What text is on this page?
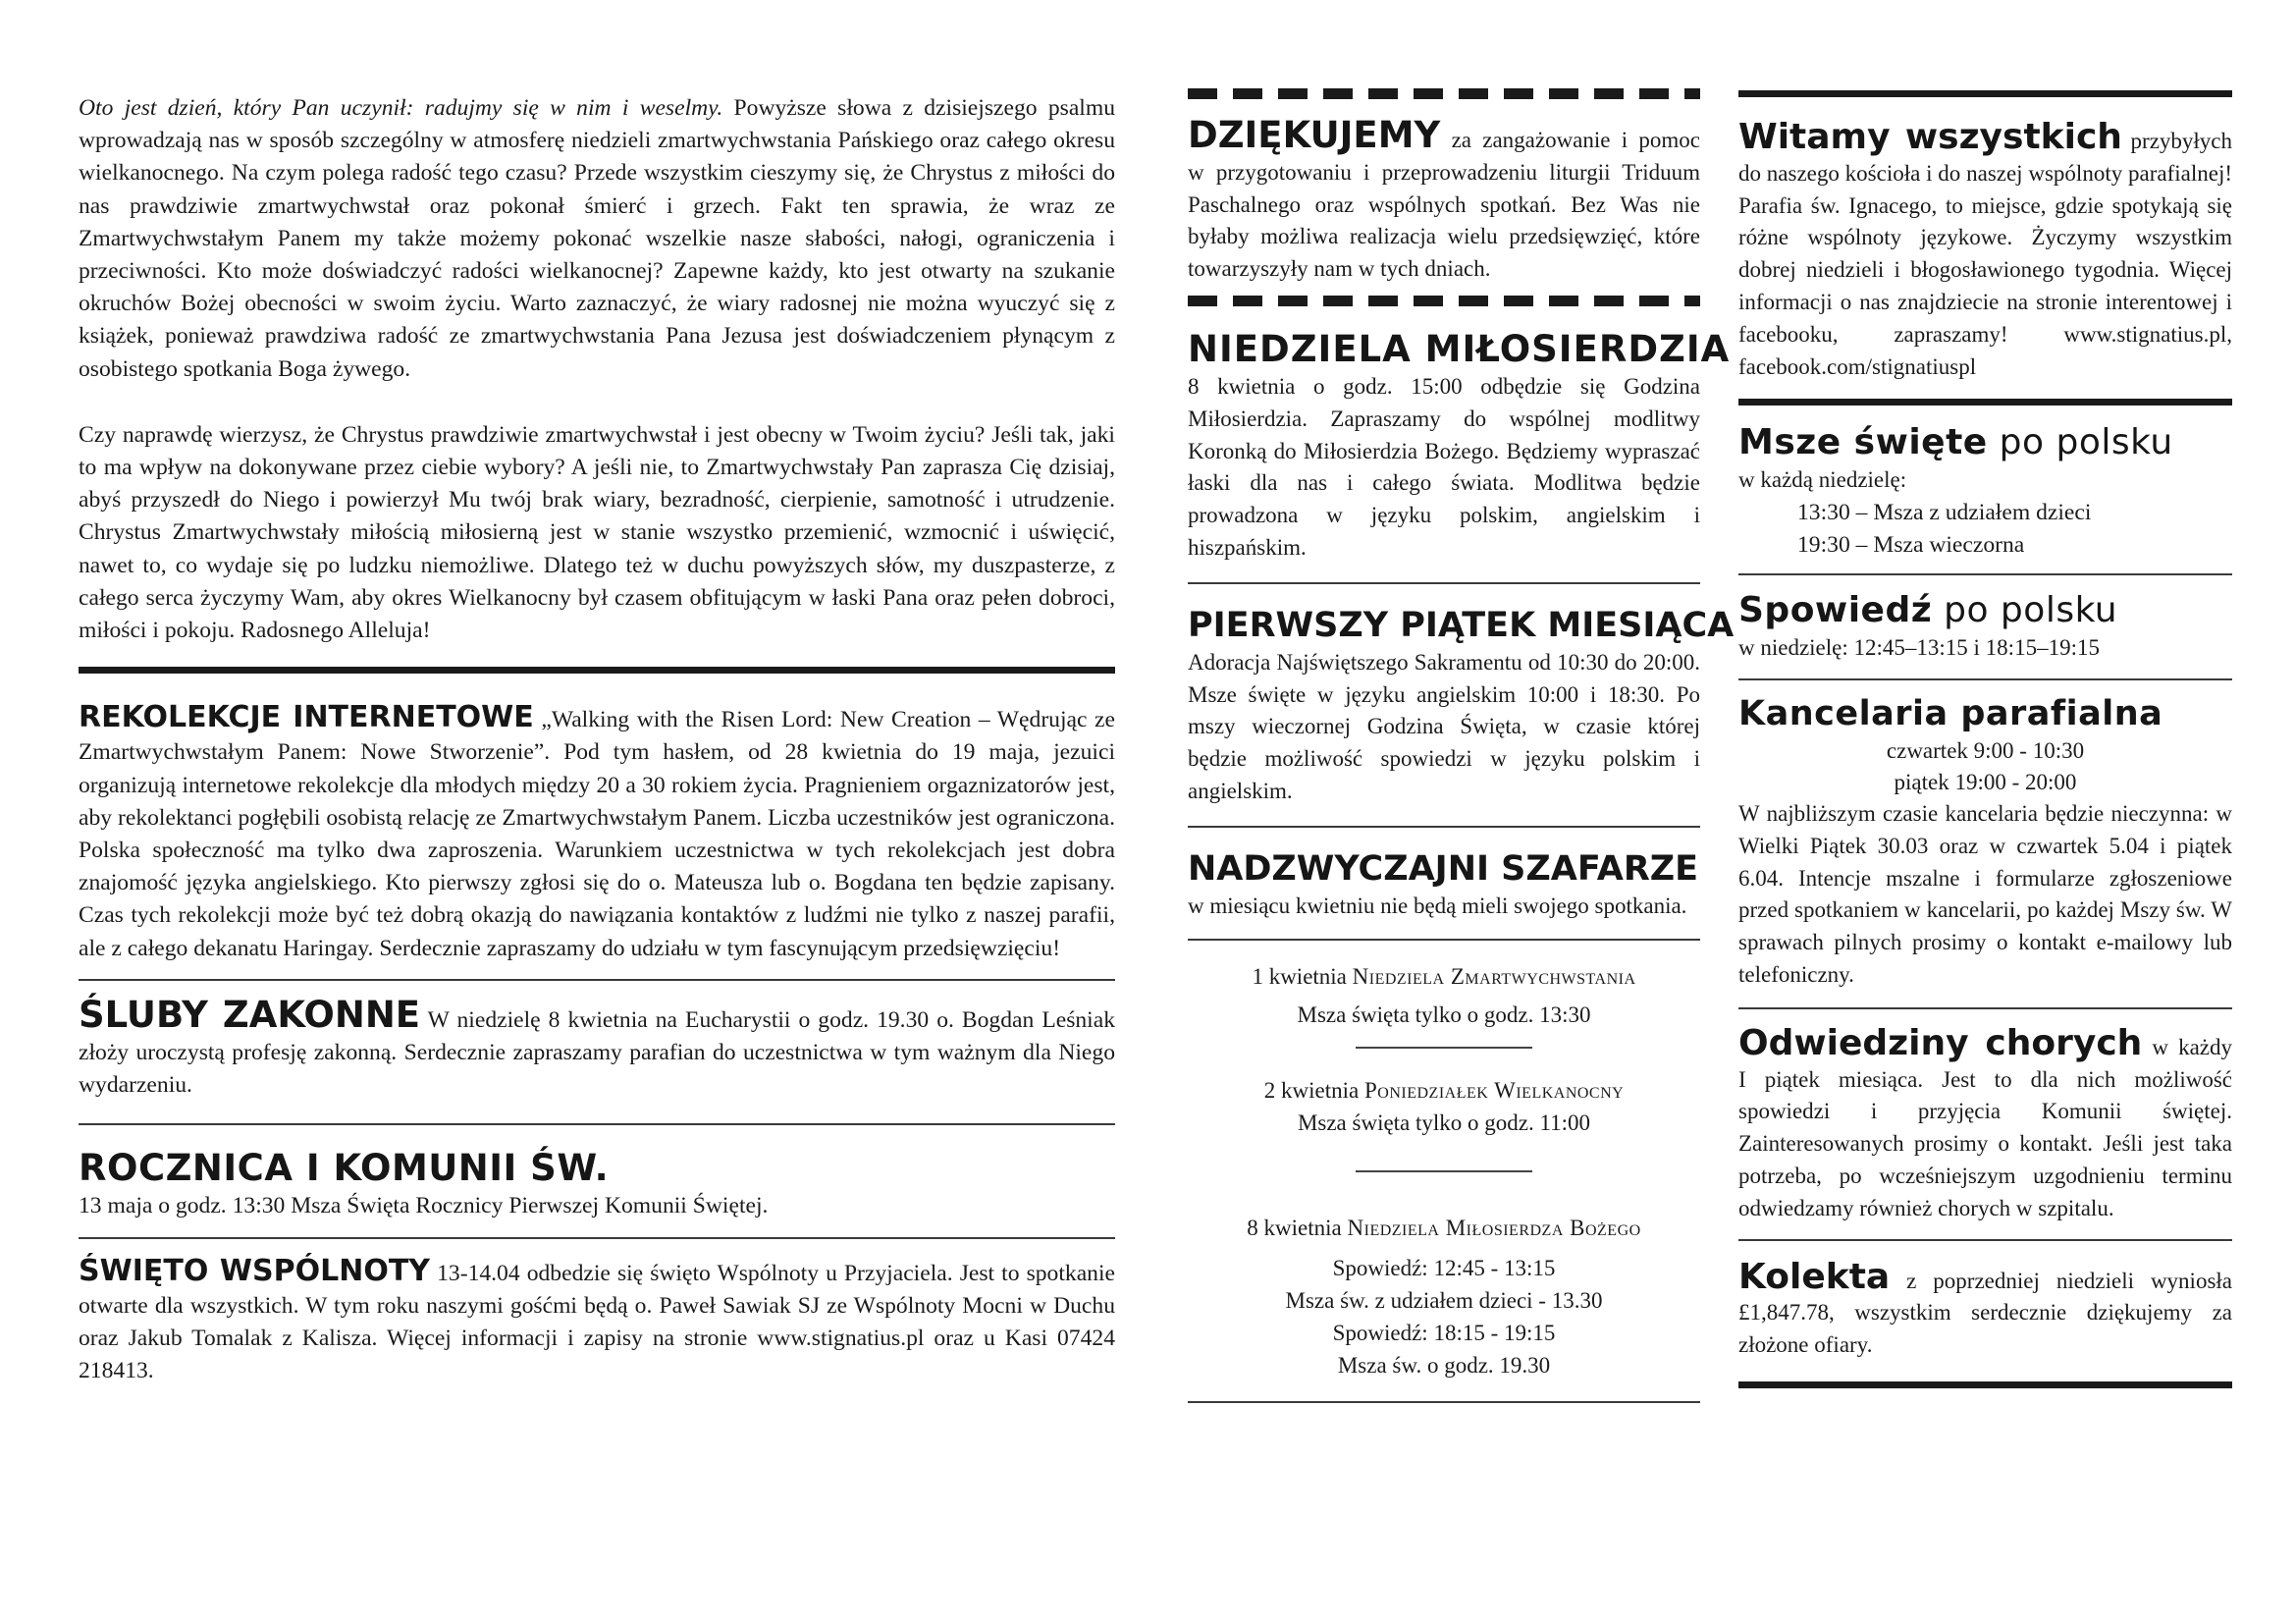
Oto jest dzień, który Pan uczynił: radujmy się w nim i weselmy. Powyższe słowa z dzisiejszego psalmu wprowadzają nas w sposób szczególny w atmosferę niedzieli zmartwychwstania Pańskiego oraz całego okresu wielkanocnego. Na czym polega radość tego czasu? Przede wszystkim cieszymy się, że Chrystus z miłości do nas prawdziwie zmartwychwstał oraz pokonał śmierć i grzech. Fakt ten sprawia, że wraz ze Zmartwychwstałym Panem my także możemy pokonać wszelkie nasze słabości, nałogi, ograniczenia i przeciwności. Kto może doświadczyć radości wielkanocnej? Zapewne każdy, kto jest otwarty na szukanie okruchów Bożej obecności w swoim życiu. Warto zaznaczyć, że wiary radosnej nie można wyuczyć się z książek, ponieważ prawdziwa radość ze zmartwychwstania Pana Jezusa jest doświadczeniem płynącym z osobistego spotkania Boga żywego.

Czy naprawdę wierzysz, że Chrystus prawdziwie zmartwychwstał i jest obecny w Twoim życiu? Jeśli tak, jaki to ma wpływ na dokonywane przez ciebie wybory? A jeśli nie, to Zmartwychwstały Pan zaprasza Cię dzisiaj, abyś przyszedł do Niego i powierzył Mu twój brak wiary, bezradność, cierpienie, samotność i utrudzenie. Chrystus Zmartwychwstały miłością miłosierną jest w stanie wszystko przemienić, wzmocnić i uświęcić, nawet to, co wydaje się po ludzku niemożliwe. Dlatego też w duchu powyższych słów, my duszpasterze, z całego serca życzymy Wam, aby okres Wielkanocny był czasem obfitującym w łaski Pana oraz pełen dobroci, miłości i pokoju. Radosnego Alleluja!

REKOLEKCJE INTERNETOWE „Walking with the Risen Lord: New Creation – Wędrując ze Zmartwychwstałym Panem: Nowe Stworzenie”. Pod tym hasłem, od 28 kwietnia do 19 maja, jezuici organizują internetowe rekolekcje dla młodych między 20 a 30 rokiem życia. Pragnieniem orgaznizatorów jest, aby rekolektanci pogłębili osobistą relację ze Zmartwychwstałym Panem. Liczba uczestników jest ograniczona. Polska społeczność ma tylko dwa zaproszenia. Warunkiem uczestnictwa w tych rekolekcjach jest dobra znajomość języka angielskiego. Kto pierwszy zgłosi się do o. Mateusza lub o. Bogdana ten będzie zapisany. Czas tych rekolekcji może być też dobrą okazją do nawiązania kontaktów z ludźmi nie tylko z naszej parafii, ale z całego dekanatu Haringay. Serdecznie zapraszamy do udziału w tym fascynującym przedsięwzięciu!

ŚLUBY ZAKONNE W niedzielę 8 kwietnia na Eucharystii o godz. 19.30 o. Bogdan Leśniak złoży uroczystą profesję zakonną. Serdecznie zapraszamy parafian do uczestnictwa w tym ważnym dla Niego wydarzeniu.

ROCZNICA I KOMUNII ŚW.

13 maja o godz. 13:30 Msza Święta Rocznicy Pierwszej Komunii Świętej.

ŚWIĘTO WSPÓLNOTY 13-14.04 odbedzie się święto Wspólnoty u Przyjaciela. Jest to spotkanie otwarte dla wszystkich. W tym roku naszymi gośćmi będą o. Paweł Sawiak SJ ze Wspólnoty Mocni w Duchu oraz Jakub Tomalak z Kalisza. Więcej informacji i zapisy na stronie www.stignatius.pl oraz u Kasi 07424 218413.

DZIĘKUJEMY za zangażowanie i pomoc w przygotowaniu i przeprowadzeniu liturgii Triduum Paschalnego oraz wspólnych spotkań. Bez Was nie byłaby możliwa realizacja wielu przedsięwzięć, które towarzyszyły nam w tych dniach.

NIEDZIELA MIŁOSIERDZIA

8 kwietnia o godz. 15:00 odbędzie się Godzina Miłosierdzia. Zapraszamy do wspólnej modlitwy Koronką do Miłosierdzia Bożego. Będziemy wypraszać łaski dla nas i całego świata. Modlitwa będzie prowadzona w języku polskim, angielskim i hiszpańskim.

PIERWSZY PIĄTEK MIESIĄCA

Adoracja Najświętszego Sakramentu od 10:30 do 20:00. Msze święte w języku angielskim 10:00 i 18:30. Po mszy wieczornej Godzina Święta, w czasie której będzie możliwość spowiedzi w języku polskim i angielskim.

NADZWYCZAJNI SZAFARZE

w miesiącu kwietniu nie będą mieli swojego spotkania.

1 kwietnia Niedziela Zmartwychwstania
Msza święta tylko o godz. 13:30
2 kwietnia Poniedziałek Wielkanocny
Msza święta tylko o godz. 11:00
8 kwietnia Niedziela Miłosierdza Bożego
Spowiedź: 12:45 - 13:15
Msza św. z udziałem dzieci - 13.30
Spowiedź: 18:15 - 19:15
Msza św. o godz. 19.30

Witamy wszystkich przybyłych do naszego kościoła i do naszej wspólnoty parafialnej! Parafia św. Ignacego, to miejsce, gdzie spotykają się różne wspólnoty językowe. Życzymy wszystkim dobrej niedzieli i błogosławionego tygodnia. Więcej informacji o nas znajdziecie na stronie interentowej i facebooku, zapraszamy! www.stignatius.pl, facebook.com/stignatiuspl

Msze święte po polsku

w każdą niedzielę:

13:30 – Msza z udziałem dzieci
19:30 – Msza wieczorna
Spowiedź po polsku

w niedzielę: 12:45–13:15 i 18:15–19:15

Kancelaria parafialna
czwartek 9:00 - 10:30
piątek 19:00 - 20:00

W najbliższym czasie kancelaria będzie nieczynna: w Wielki Piątek 30.03 oraz w czwartek 5.04 i piątek 6.04. Intencje mszalne i formularze zgłoszeniowe przed spotkaniem w kancelarii, po każdej Mszy św. W sprawach pilnych prosimy o kontakt e-mailowy lub telefoniczny.

Odwiedziny chorych w każdy I piątek miesiąca. Jest to dla nich możliwość spowiedzi i przyjęcia Komunii świętej. Zainteresowanych prosimy o kontakt. Jeśli jest taka potrzeba, po wcześniejszym uzgodnieniu terminu odwiedzamy również chorych w szpitalu.

Kolekta z poprzedniej niedzieli wyniosła £1,847.78, wszystkim serdecznie dziękujemy za złożone ofiary.
